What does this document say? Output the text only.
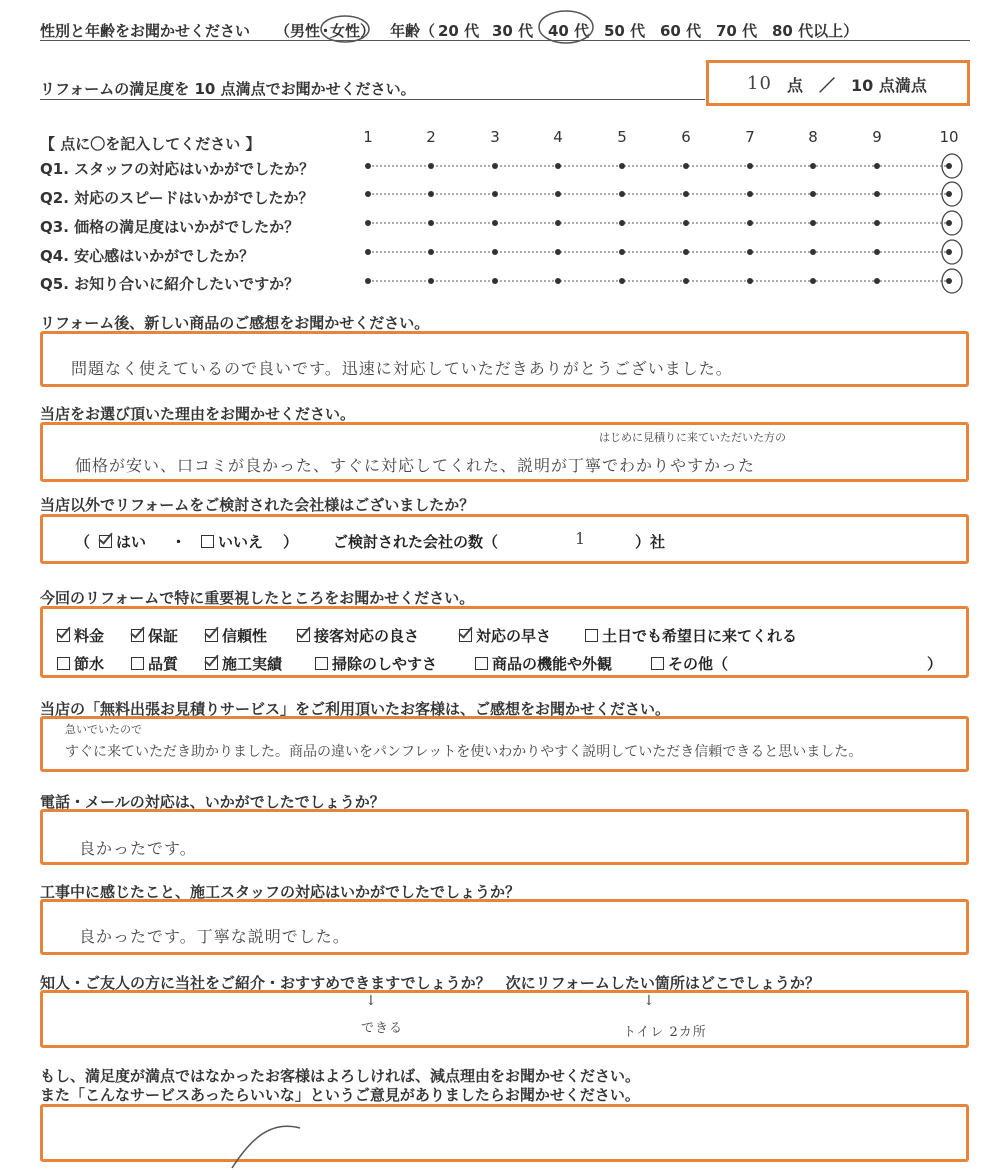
性別と年齢をお聞かせください （男性
・
女性） 年齢（ 20 代 30 代 40 代 50 代 60 代 70 代 80 代以上）
リフォームの満足度を 10 点満点でお聞かせください。	10 点　／　10 点満点
【 点に〇を記入してください 】	1	2	3	4	5	6	7	8	9	10
Q1. スタッフの対応はいかがでしたか？
Q2. 対応のスピードはいかがでしたか？
Q3. 価格の満足度はいかがでしたか？
Q4. 安心感はいかがでしたか？
Q5. お知り合いに紹介したいですか？
リフォーム後、新しい商品のご感想をお聞かせください。
問題なく使えているので良いです。迅速に対応していただきありがとうございました。
当店をお選び頂いた理由をお聞かせください。
はじめに見積りに来ていただいた方の
価格が安い、口コミが良かった、すぐに対応してくれた、説明が丁寧でわかりやすかった
当店以外でリフォームをご検討された会社様はございましたか？
（	はい ・	いいえ ） ご検討された会社の数（	1	）社
今回のリフォームで特に重要視したところをお聞かせください。
料金	保証	信頼性	接客対応の良さ	対応の早さ	土日でも希望日に来てくれる
節水	品質	施工実績	掃除のしやすさ	商品の機能や外観	その他（	）
当店の「無料出張お見積りサービス」をご利用頂いたお客様は、ご感想をお聞かせください。
急いでいたので
すぐに来ていただき助かりました。商品の違いをパンフレットを使いわかりやすく説明していただき信頼できると思いました。
電話・メールの対応は、いかがでしたでしょうか？
良かったです。
工事中に感じたこと、施工スタッフの対応はいかがでしたでしょうか？
良かったです。丁寧な説明でした。
知人・ご友人の方に当社をご紹介・おすすめできますでしょうか？　次にリフォームしたい箇所はどこでしょうか？
↓
できる
↓
トイレ 2カ所
もし、満足度が満点ではなかったお客様はよろしければ、減点理由をお聞かせください。
また「こんなサービスあったらいいな」というご意見がありましたらお聞かせください。
